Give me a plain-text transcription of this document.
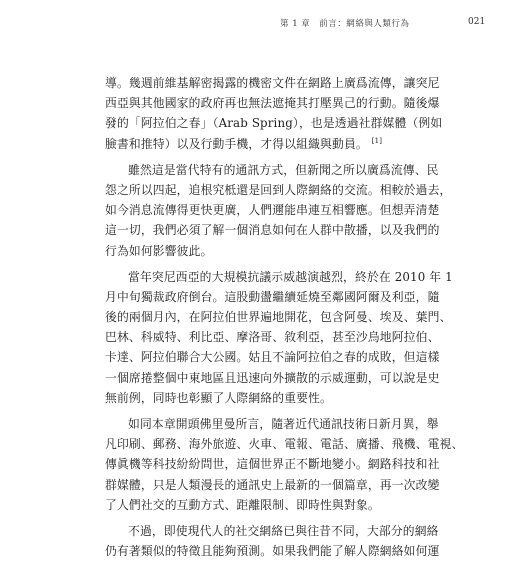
第 1 章　前言：網絡與人類行為	021
導。幾週前維基解密揭露的機密文件在網路上廣爲流傳，讓突尼
西亞與其他國家的政府再也無法遮掩其打壓異己的行動。隨後爆
發的「阿拉伯之春」（Arab Spring），也是透過社群媒體（例如
臉書和推特）以及行動手機，才得以組織與動員。 [1]
雖然這是當代特有的通訊方式，但新聞之所以廣爲流傳、民
怨之所以四起，追根究柢還是回到人際網絡的交流。相較於過去，
如今消息流傳得更快更廣，人們邇能串連互相響應。但想弄清楚
這一切，我們必須了解一個消息如何在人群中散播，以及我們的
行為如何影響彼此。
當年突尼西亞的大規模抗議示威越演越烈，終於在 2010 年 1
月中旬獨裁政府倒台。這股動盪繼續延燒至鄰國阿爾及利亞，隨
後的兩個月內，在阿拉伯世界遍地開花，包含阿曼、埃及、葉門、
巴林、科威特、利比亞、摩洛哥、敘利亞，甚至沙烏地阿拉伯、
卡達、阿拉伯聯合大公國。姑且不論阿拉伯之春的成敗，但這樣
一個席捲整個中東地區且迅速向外擴散的示威運動，可以說是史
無前例，同時也彰顯了人際網絡的重要性。
如同本章開頭佛里曼所言，隨著近代通訊技術日新月異，舉
凡印刷、郵務、海外旅遊、火車、電報、電話、廣播、飛機、電視、
傳眞機等科技紛紛問世，這個世界正不斷地變小。網路科技和社
群媒體，只是人類漫長的通訊史上最新的一個篇章，再一次改變
了人們社交的互動方式、距離限制、即時性與對象。
不過，即使現代人的社交網絡已與往昔不同，大部分的網絡
仍有著類似的特徵且能夠預測。如果我們能了解人際網絡如何運
